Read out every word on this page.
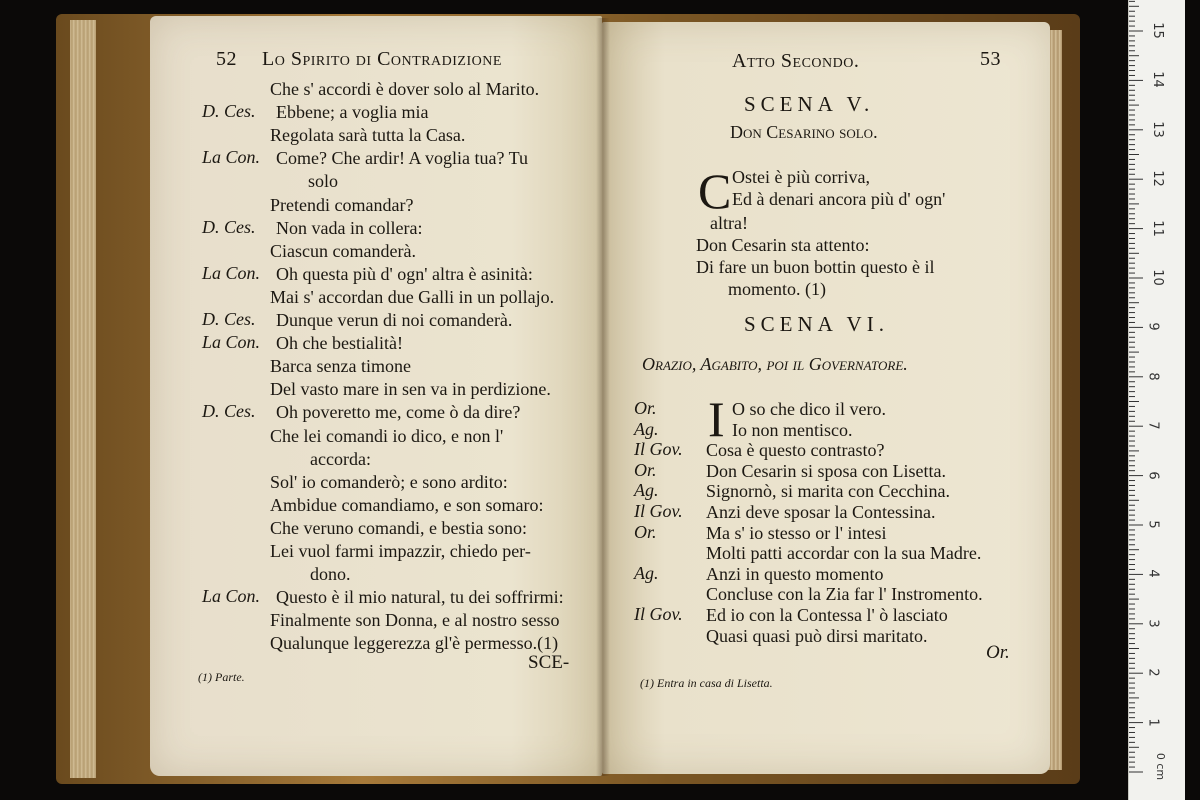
52 Lo Spirito di Contradizione
Che s' accordi è dover solo al Marito.
D. Ces. Ebbene; a voglia mia
Regolata sarà tutta la Casa.
La Con. Come? Che ardir! A voglia tua? Tu
solo
Pretendi comandar?
D. Ces. Non vada in collera:
Ciascun comanderà.
La Con. Oh questa più d' ogn' altra è asinità:
Mai s' accordan due Galli in un pollajo.
D. Ces. Dunque verun di noi comanderà.
La Con. Oh che bestialità!
Barca senza timone
Del vasto mare in sen va in perdizione.
D. Ces. Oh poveretto me, come ò da dire?
Che lei comandi io dico, e non l'
accorda:
Sol' io comanderò; e sono ardito:
Ambidue comandiamo, e son somaro:
Che veruno comandi, e bestia sono:
Lei vuol farmi impazzir, chiedo per-
dono.
La Con. Questo è il mio natural, tu dei soffrirmi:
Finalmente son Donna, e al nostro sesso
Qualunque leggerezza gl'è permesso.(1)
SCE-
(1) Parte.
Atto Secondo.	53
SCENA V.
Don Cesarino solo.
C Ostei è più corriva,
Ed à denari ancora più d' ogn'
altra!
Don Cesarin sta attento:
Di fare un buon bottin questo è il
momento. (1)
SCENA VI.
Orazio, Agabito, poi il Governatore.
I
Or.	O so che dico il vero.
Ag.	Io non mentisco.
Il Gov. Cosa è questo contrasto?
Or.	Don Cesarin si sposa con Lisetta.
Ag.	Signornò, si marita con Cecchina.
Il Gov. Anzi deve sposar la Contessina.
Or.	Ma s' io stesso or l' intesi
Molti patti accordar con la sua Madre.
Ag.	Anzi in questo momento
Concluse con la Zia far l' Instromento.
Il Gov. Ed io con la Contessa l' ò lasciato
Quasi quasi può dirsi maritato.
Or.
(1) Entra in casa di Lisetta.
0 cm
1
2
3
4
5
6
7
8
9
10
11
12
13
14
15
